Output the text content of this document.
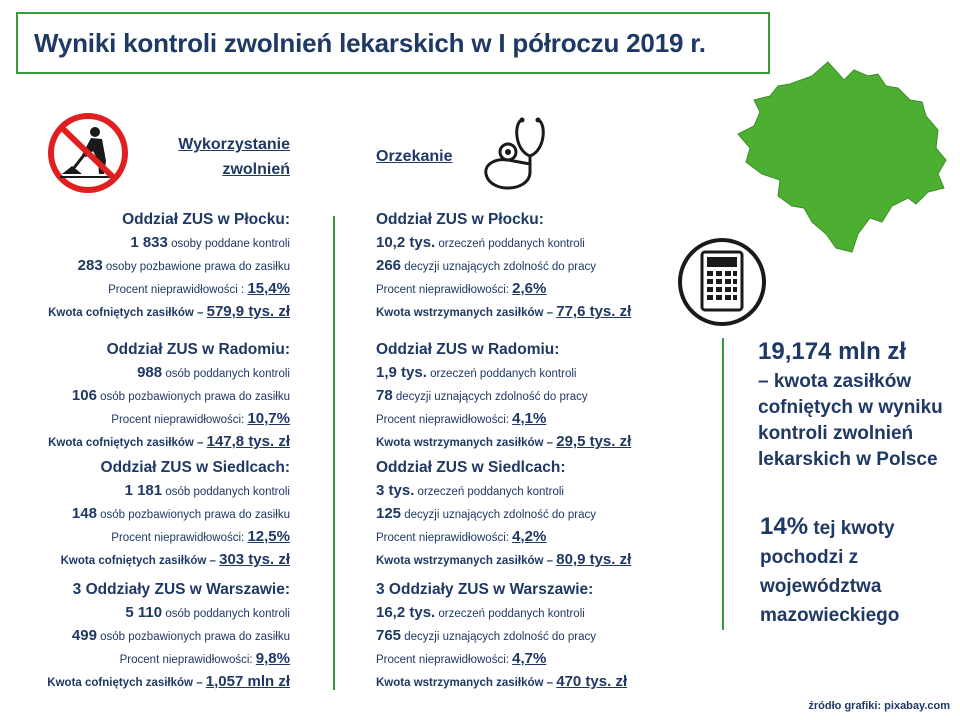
Wyniki kontroli zwolnień lekarskich w I półroczu 2019 r.
Wykorzystanie
zwolnień
Orzekanie
Oddział ZUS w Płocku:
1 833 osoby poddane kontroli
283 osoby pozbawione prawa do zasiłku
Procent nieprawidłowości : 15,4%
Kwota cofniętych zasiłków – 579,9 tys. zł
Oddział ZUS w Radomiu:
988 osób poddanych kontroli
106 osób pozbawionych prawa do zasiłku
Procent nieprawidłowości: 10,7%
Kwota cofniętych zasiłków – 147,8 tys. zł
Oddział ZUS w Siedlcach:
1 181 osób poddanych kontroli
148 osób pozbawionych prawa do zasiłku
Procent nieprawidłowości: 12,5%
Kwota cofniętych zasiłków – 303 tys. zł
3 Oddziały ZUS w Warszawie:
5 110 osób poddanych kontroli
499 osób pozbawionych prawa do zasiłku
Procent nieprawidłowości: 9,8%
Kwota cofniętych zasiłków – 1,057 mln zł
Oddział ZUS w Płocku:
10,2 tys. orzeczeń poddanych kontroli
266 decyzji uznających zdolność do pracy
Procent nieprawidłowości: 2,6%
Kwota wstrzymanych zasiłków – 77,6 tys. zł
Oddział ZUS w Radomiu:
1,9 tys. orzeczeń poddanych kontroli
78 decyzji uznających zdolność do pracy
Procent nieprawidłowości: 4,1%
Kwota wstrzymanych zasiłków – 29,5 tys. zł
Oddział ZUS w Siedlcach:
3 tys. orzeczeń poddanych kontroli
125 decyzji uznających zdolność do pracy
Procent nieprawidłowości: 4,2%
Kwota wstrzymanych zasiłków – 80,9 tys. zł
3 Oddziały ZUS w Warszawie:
16,2 tys. orzeczeń poddanych kontroli
765 decyzji uznających zdolność do pracy
Procent nieprawidłowości: 4,7%
Kwota wstrzymanych zasiłków – 470 tys. zł
19,174 mln zł
– kwota zasiłków cofniętych w wyniku kontroli zwolnień lekarskich w Polsce
14% tej kwoty pochodzi z województwa mazowieckiego
źródło grafiki: pixabay.com
